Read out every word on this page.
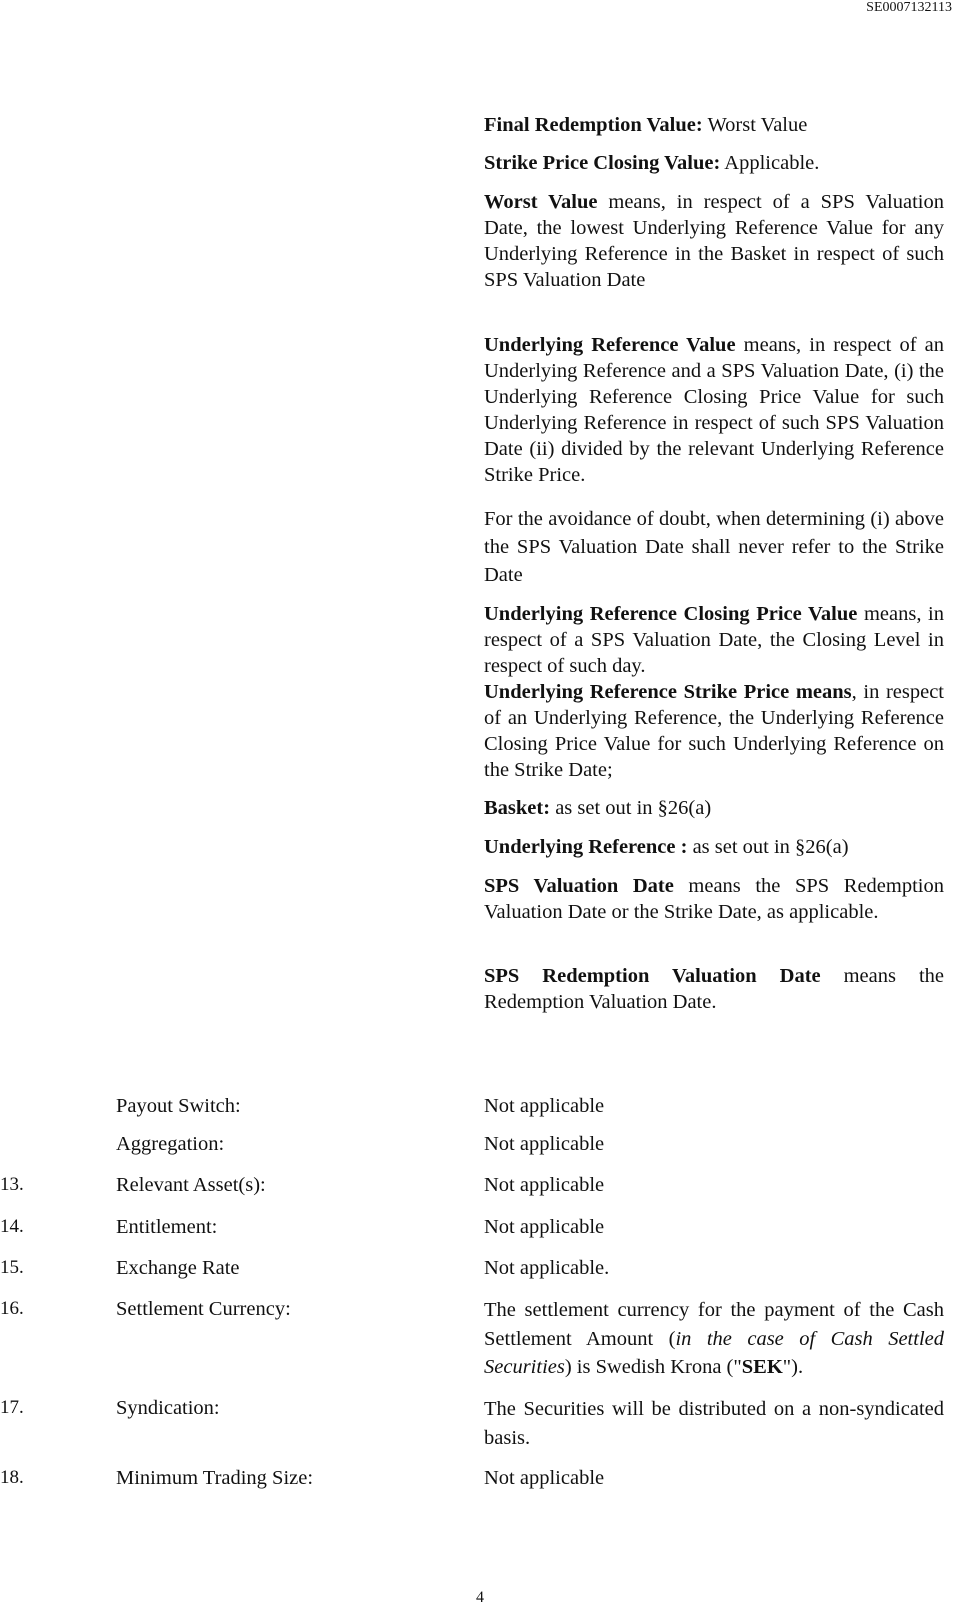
SE0007132113

Final Redemption Value: Worst Value

Strike Price Closing Value: Applicable.

Worst Value means, in respect of a SPS Valuation Date, the lowest Underlying Reference Value for any Underlying Reference in the Basket in respect of such SPS Valuation Date

Underlying Reference Value means, in respect of an Underlying Reference and a SPS Valuation Date, (i) the Underlying Reference Closing Price Value for such Underlying Reference in respect of such SPS Valuation Date (ii) divided by the relevant Underlying Reference Strike Price.

For the avoidance of doubt, when determining (i) above the SPS Valuation Date shall never refer to the Strike Date

Underlying Reference Closing Price Value means, in respect of a SPS Valuation Date, the Closing Level in respect of such day.

Underlying Reference Strike Price means, in respect of an Underlying Reference, the Underlying Reference Closing Price Value for such Underlying Reference on the Strike Date;

Basket: as set out in §26(a)

Underlying Reference : as set out in §26(a)

SPS Valuation Date means the SPS Redemption Valuation Date or the Strike Date, as applicable.

SPS Redemption Valuation Date means the Redemption Valuation Date.

Payout Switch:	Not applicable
Aggregation:	Not applicable
13.	Relevant Asset(s):	Not applicable
14.	Entitlement:	Not applicable
15.	Exchange Rate	Not applicable.
16.	Settlement Currency:	The settlement currency for the payment of the Cash Settlement Amount (in the case of Cash Settled Securities) is Swedish Krona ("SEK").
17.	Syndication:	The Securities will be distributed on a non-syndicated basis.
18.	Minimum Trading Size:	Not applicable
4
